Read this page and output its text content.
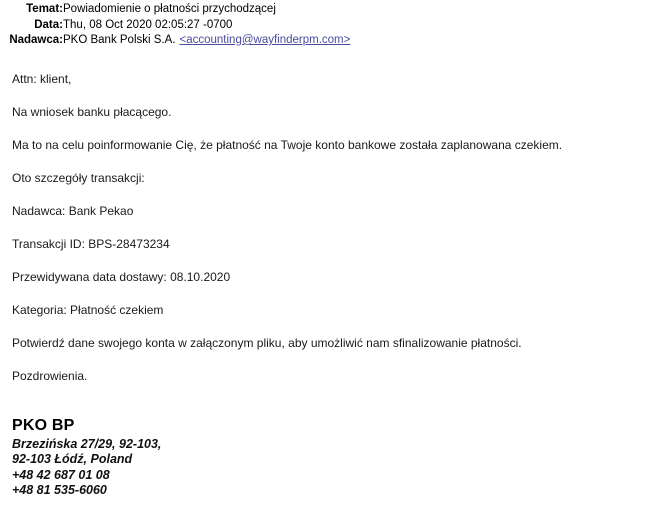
Temat: Powiadomienie o płatności przychodzącej
Data: Thu, 08 Oct 2020 02:05:27 -0700
Nadawca: PKO Bank Polski S.A. <accounting@wayfinderpm.com>

Attn: klient,

Na wniosek banku płacącego.

Ma to na celu poinformowanie Cię, że płatność na Twoje konto bankowe została zaplanowana czekiem.

Oto szczegóły transakcji:

Nadawca: Bank Pekao

Transakcji ID: BPS-28473234

Przewidywana data dostawy: 08.10.2020

Kategoria: Płatność czekiem

Potwierdź dane swojego konta w załączonym pliku, aby umożliwić nam sfinalizowanie płatności.

Pozdrowienia.

PKO BP

Brzezińska 27/29, 92-103,

92-103 Łódź, Poland

+48 42 687 01 08

+48 81 535-6060
